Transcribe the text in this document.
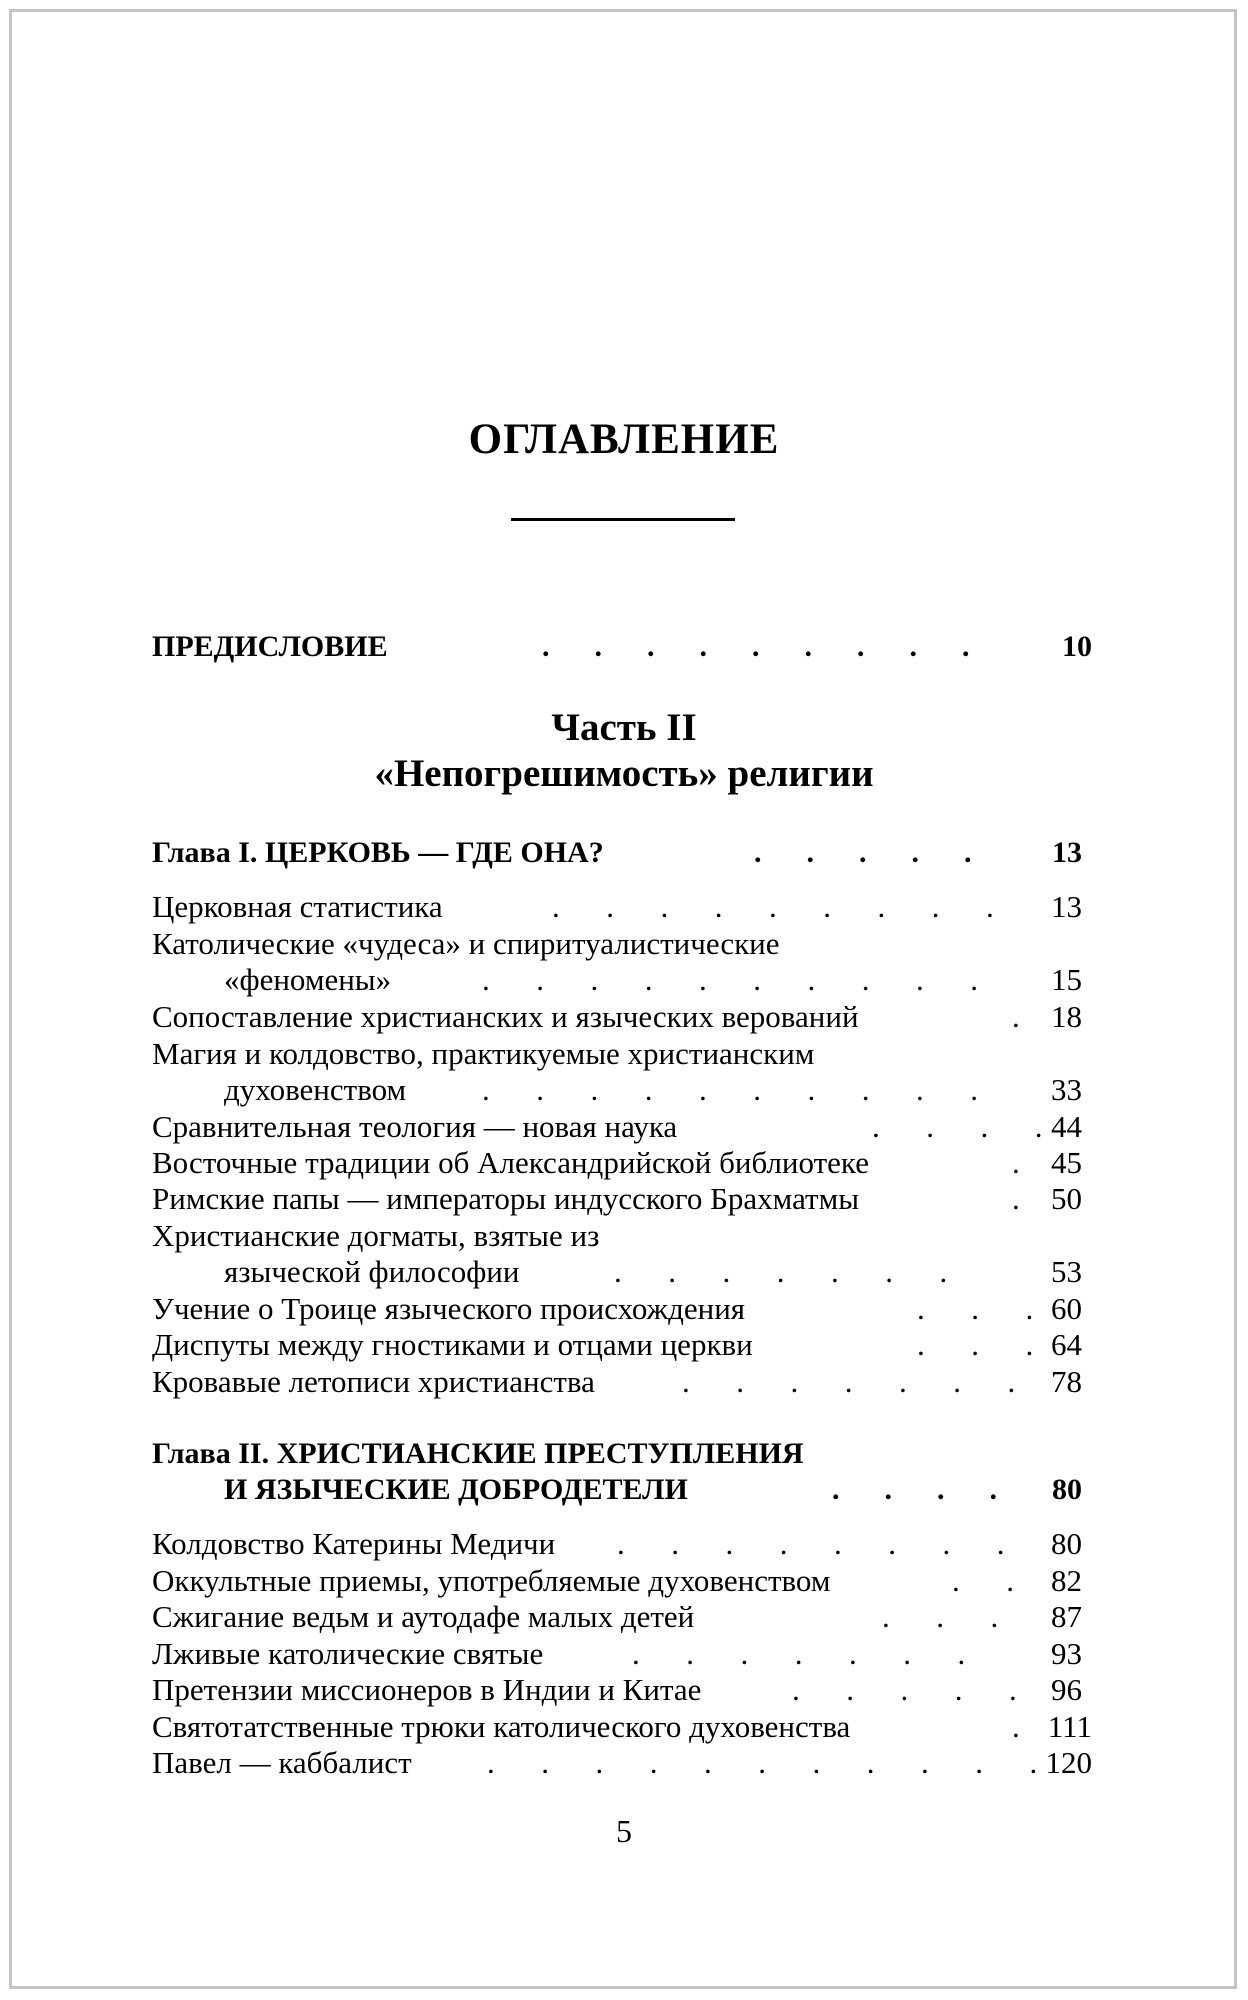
ОГЛАВЛЕНИЕ
ПРЕДИСЛОВИЕ	.      .      .      .      .      .      .      .      .	10
Часть II
«Непогрешимость» религии
Глава I. ЦЕРКОВЬ — ГДЕ ОНА?	.      .      .      .      .	13
Церковная статистика	.      .      .      .      .      .      .      .      . 13
Католические «чудеса» и спиритуалистические
«феномены»	.      .      .      .      .      .      .      .      .      . 15
Сопоставление христианских и языческих верований	18
.
Магия и колдовство, практикуемые христианским
духовенством .      .      .      .      .      .      .      .      .      . 33
Сравнительная теология — новая наука	.      .      .      . 44
Восточные традиции об Александрийской библиотеке	. 45
Римские папы — императоры индусского Брахматмы	. 50
Христианские догматы, взятые из
языческой философии	.      .      .      .      .      .      .	53
Учение о Троице языческого происхождения	.      .      . 60
Диспуты между гностиками и отцами церкви	.      .      . 64
Кровавые летописи христианства	.      .      .      .      .      .      . 78
Глава II. ХРИСТИАНСКИЕ ПРЕСТУПЛЕНИЯ
И ЯЗЫЧЕСКИЕ ДОБРОДЕТЕЛИ	.      .      .      . 80
Колдовство Катерины Медичи .      .      .      .      .      .      .      . 80
Оккультные приемы, употребляемые духовенством	.      . 82
Сжигание ведьм и аутодафе малых детей	.      .      . 87
Лживые католические святые	.      .      .      .      .      .      .	93
Претензии миссионеров в Индии и Китае	.      .      .      .      . 96
Святотатственные трюки католического духовенства	. 111
Павел — каббалист .      .      .      .      .      .      .      .      .      .      . 120
5
